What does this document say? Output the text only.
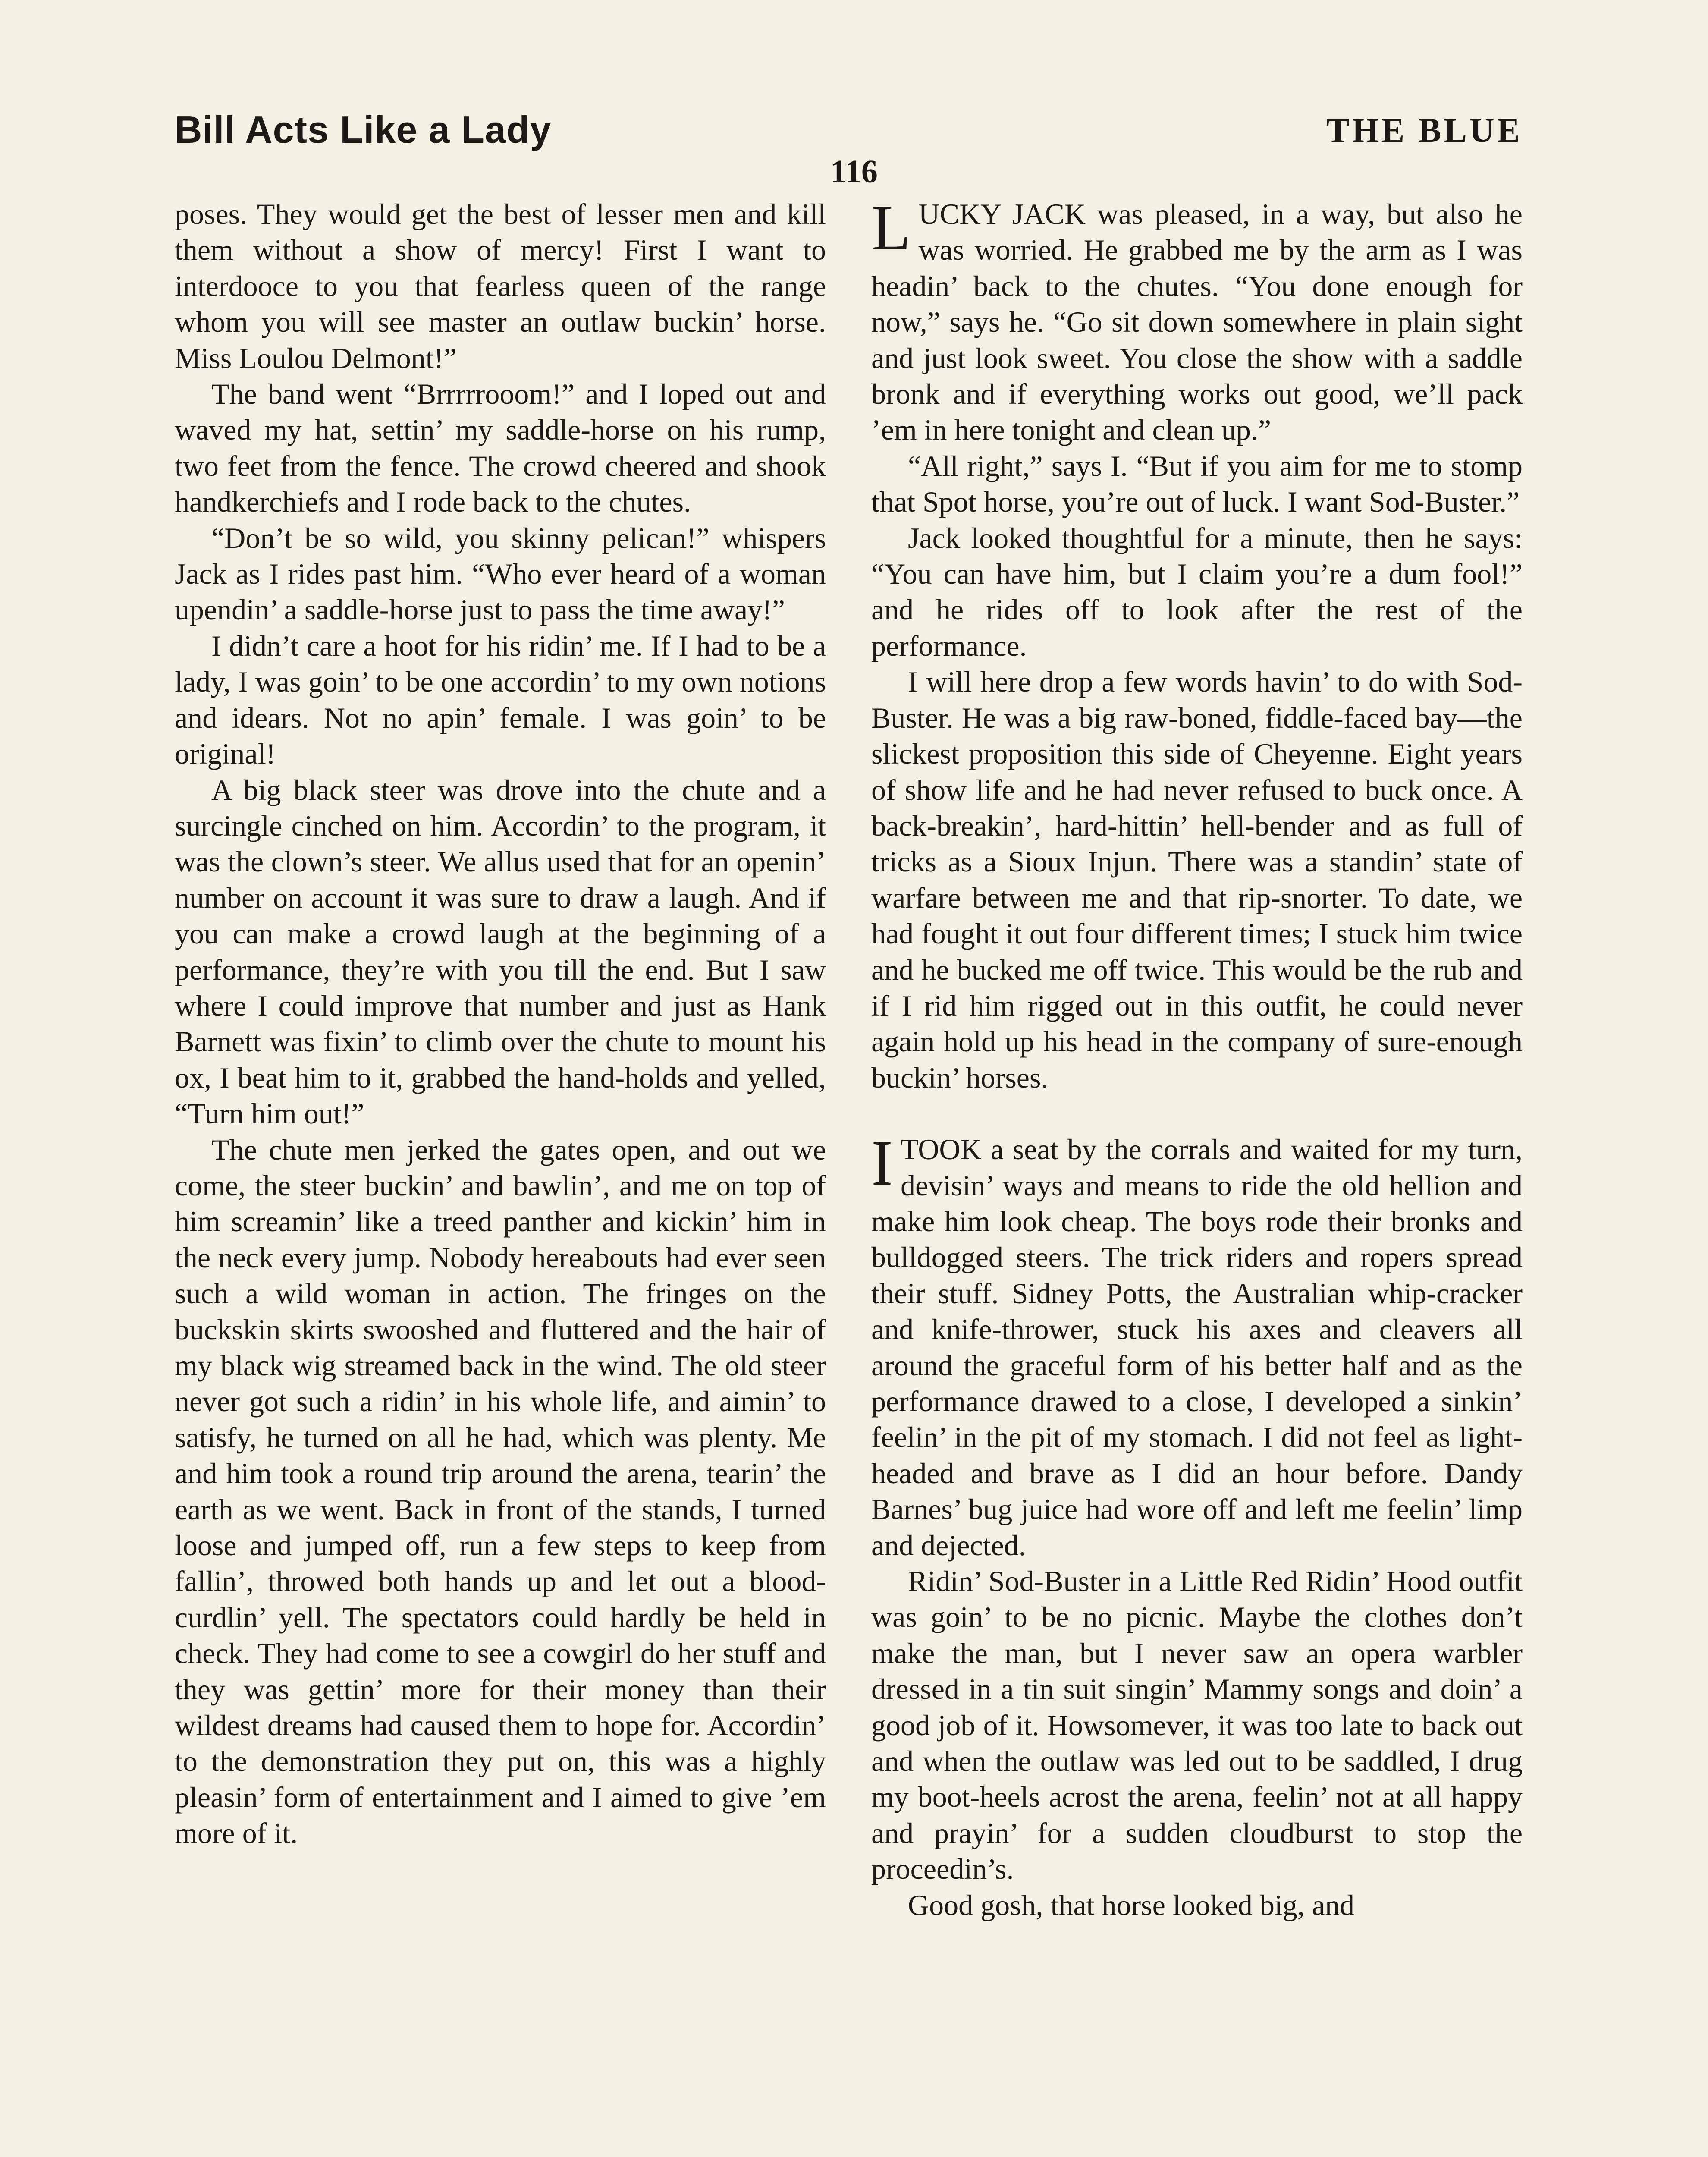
Bill Acts Like a Lady	THE BLUE
116

poses. They would get the best of lesser men and kill them without a show of mercy! First I want to interdooce to you that fearless queen of the range whom you will see master an outlaw buckin’ horse. Miss Loulou Delmont!”

The band went “Brrrrrooom!” and I loped out and waved my hat, settin’ my saddle-horse on his rump, two feet from the fence. The crowd cheered and shook handkerchiefs and I rode back to the chutes.

“Don’t be so wild, you skinny pelican!” whispers Jack as I rides past him. “Who ever heard of a woman upendin’ a saddle-horse just to pass the time away!”

I didn’t care a hoot for his ridin’ me. If I had to be a lady, I was goin’ to be one accordin’ to my own notions and idears. Not no apin’ female. I was goin’ to be original!

A big black steer was drove into the chute and a surcingle cinched on him. Accordin’ to the program, it was the clown’s steer. We allus used that for an openin’ number on account it was sure to draw a laugh. And if you can make a crowd laugh at the beginning of a performance, they’re with you till the end. But I saw where I could improve that number and just as Hank Barnett was fixin’ to climb over the chute to mount his ox, I beat him to it, grabbed the hand-holds and yelled, “Turn him out!”

The chute men jerked the gates open, and out we come, the steer buckin’ and bawlin’, and me on top of him screamin’ like a treed panther and kickin’ him in the neck every jump. Nobody hereabouts had ever seen such a wild woman in action. The fringes on the buckskin skirts swooshed and fluttered and the hair of my black wig streamed back in the wind. The old steer never got such a ridin’ in his whole life, and aimin’ to satisfy, he turned on all he had, which was plenty. Me and him took a round trip around the arena, tearin’ the earth as we went. Back in front of the stands, I turned loose and jumped off, run a few steps to keep from fallin’, throwed both hands up and let out a blood-curdlin’ yell. The spectators could hardly be held in check. They had come to see a cowgirl do her stuff and they was gettin’ more for their money than their wildest dreams had caused them to hope for. Accordin’ to the demonstration they put on, this was a highly pleasin’ form of entertainment and I aimed to give ’em more of it.

LUCKY JACK was pleased, in a way, but also he was worried. He grabbed me by the arm as I was headin’ back to the chutes. “You done enough for now,” says he. “Go sit down somewhere in plain sight and just look sweet. You close the show with a saddle bronk and if everything works out good, we’ll pack ’em in here tonight and clean up.”

“All right,” says I. “But if you aim for me to stomp that Spot horse, you’re out of luck. I want Sod-Buster.”

Jack looked thoughtful for a minute, then he says: “You can have him, but I claim you’re a dum fool!” and he rides off to look after the rest of the performance.

I will here drop a few words havin’ to do with Sod-Buster. He was a big raw-boned, fiddle-faced bay—the slickest proposition this side of Cheyenne. Eight years of show life and he had never refused to buck once. A back-breakin’, hard-hittin’ hell-bender and as full of tricks as a Sioux Injun. There was a standin’ state of warfare between me and that rip-snorter. To date, we had fought it out four different times; I stuck him twice and he bucked me off twice. This would be the rub and if I rid him rigged out in this outfit, he could never again hold up his head in the company of sure-enough buckin’ horses.

ITOOK a seat by the corrals and waited for my turn, devisin’ ways and means to ride the old hellion and make him look cheap. The boys rode their bronks and bulldogged steers. The trick riders and ropers spread their stuff. Sidney Potts, the Australian whip-cracker and knife-thrower, stuck his axes and cleavers all around the graceful form of his better half and as the performance drawed to a close, I developed a sinkin’ feelin’ in the pit of my stomach. I did not feel as light-headed and brave as I did an hour before. Dandy Barnes’ bug juice had wore off and left me feelin’ limp and dejected.

Ridin’ Sod-Buster in a Little Red Ridin’ Hood outfit was goin’ to be no picnic. Maybe the clothes don’t make the man, but I never saw an opera warbler dressed in a tin suit singin’ Mammy songs and doin’ a good job of it. Howsomever, it was too late to back out and when the outlaw was led out to be saddled, I drug my boot-heels acrost the arena, feelin’ not at all happy and prayin’ for a sudden cloudburst to stop the proceedin’s.

Good gosh, that horse looked big, and
